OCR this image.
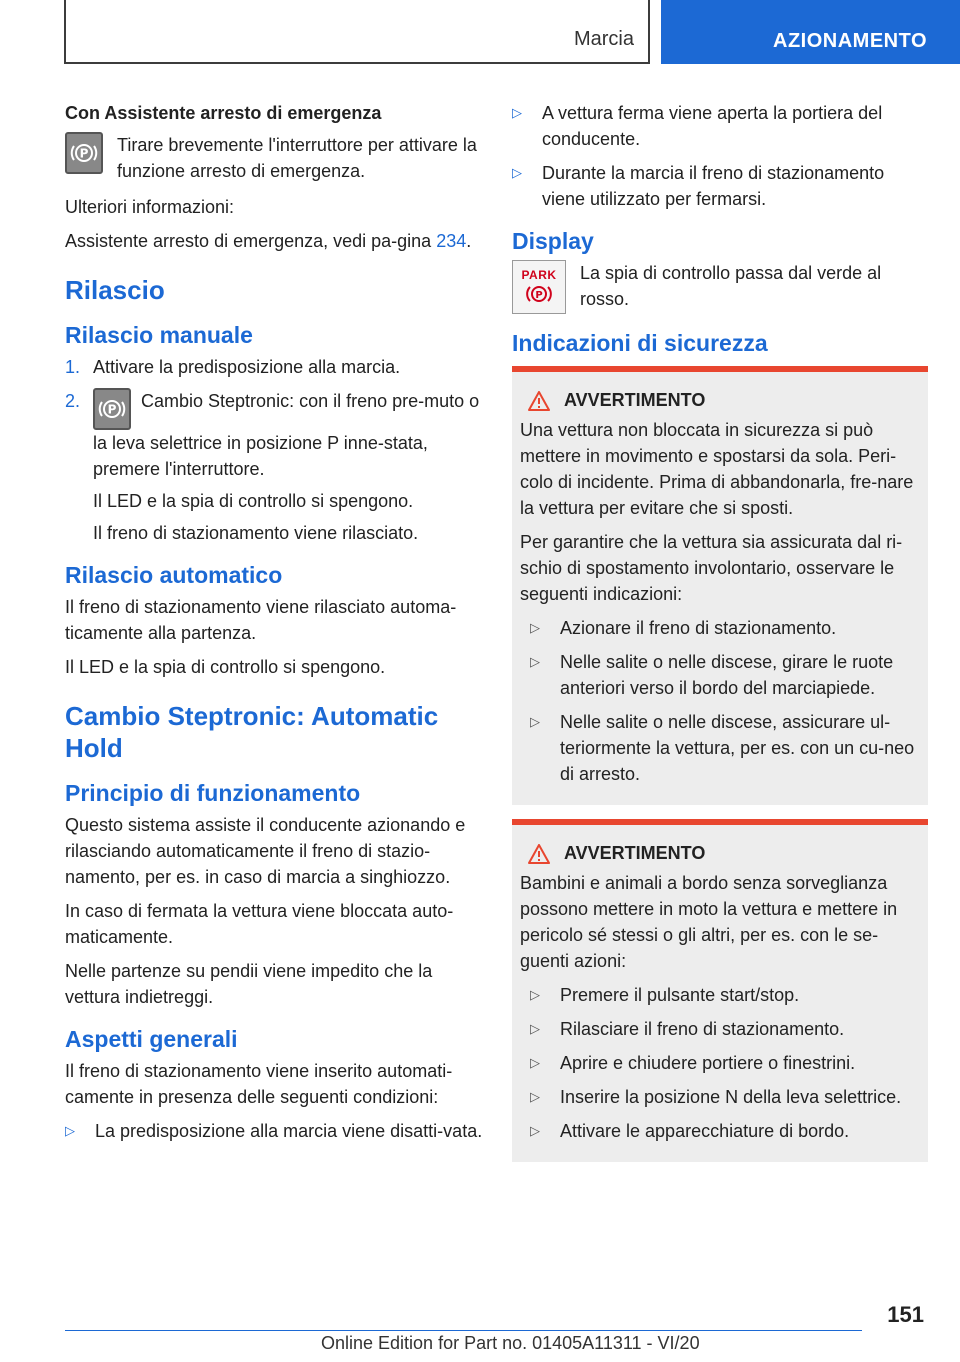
Marcia	AZIONAMENTO
Con Assistente arresto di emergenza
P Tirare brevemente l'interruttore per attivare la funzione arresto di emergenza.

Ulteriori informazioni:

Assistente arresto di emergenza, vedi pa-gina 234.

Rilascio
Rilascio manuale
1. Attivare la predisposizione alla marcia.

2. P Cambio Steptronic: con il freno pre-muto o la leva selettrice in posizione P inne-stata, premere l'interruttore.

Il LED e la spia di controllo si spengono.

Il freno di stazionamento viene rilasciato.

Rilascio automatico

Il freno di stazionamento viene rilasciato automa-ticamente alla partenza.

Il LED e la spia di controllo si spengono.

Cambio Steptronic: Automatic Hold
Principio di funzionamento

Questo sistema assiste il conducente azionando e rilasciando automaticamente il freno di stazio-namento, per es. in caso di marcia a singhiozzo.

In caso di fermata la vettura viene bloccata auto-maticamente.

Nelle partenze su pendii viene impedito che la vettura indietreggi.

Aspetti generali

Il freno di stazionamento viene inserito automati-camente in presenza delle seguenti condizioni:

▷ La predisposizione alla marcia viene disatti-vata.
▷ A vettura ferma viene aperta la portiera del conducente.
▷ Durante la marcia il freno di stazionamento viene utilizzato per fermarsi.
Display
PARK
P

La spia di controllo passa dal verde al rosso.

Indicazioni di sicurezza
AVVERTIMENTO

Una vettura non bloccata in sicurezza si può mettere in movimento e spostarsi da sola. Peri-colo di incidente. Prima di abbandonarla, fre-nare la vettura per evitare che si sposti.

Per garantire che la vettura sia assicurata dal ri-schio di spostamento involontario, osservare le seguenti indicazioni:

▷ Azionare il freno di stazionamento.
▷ Nelle salite o nelle discese, girare le ruote anteriori verso il bordo del marciapiede.
▷ Nelle salite o nelle discese, assicurare ul-teriormente la vettura, per es. con un cu-neo di arresto.
AVVERTIMENTO

Bambini e animali a bordo senza sorveglianza possono mettere in moto la vettura e mettere in pericolo sé stessi o gli altri, per es. con le se-guenti azioni:

▷ Premere il pulsante start/stop.
▷ Rilasciare il freno di stazionamento.
▷ Aprire e chiudere portiere o finestrini.
▷ Inserire la posizione N della leva selettrice.
▷ Attivare le apparecchiature di bordo.
151
Online Edition for Part no. 01405A11311 - VI/20
